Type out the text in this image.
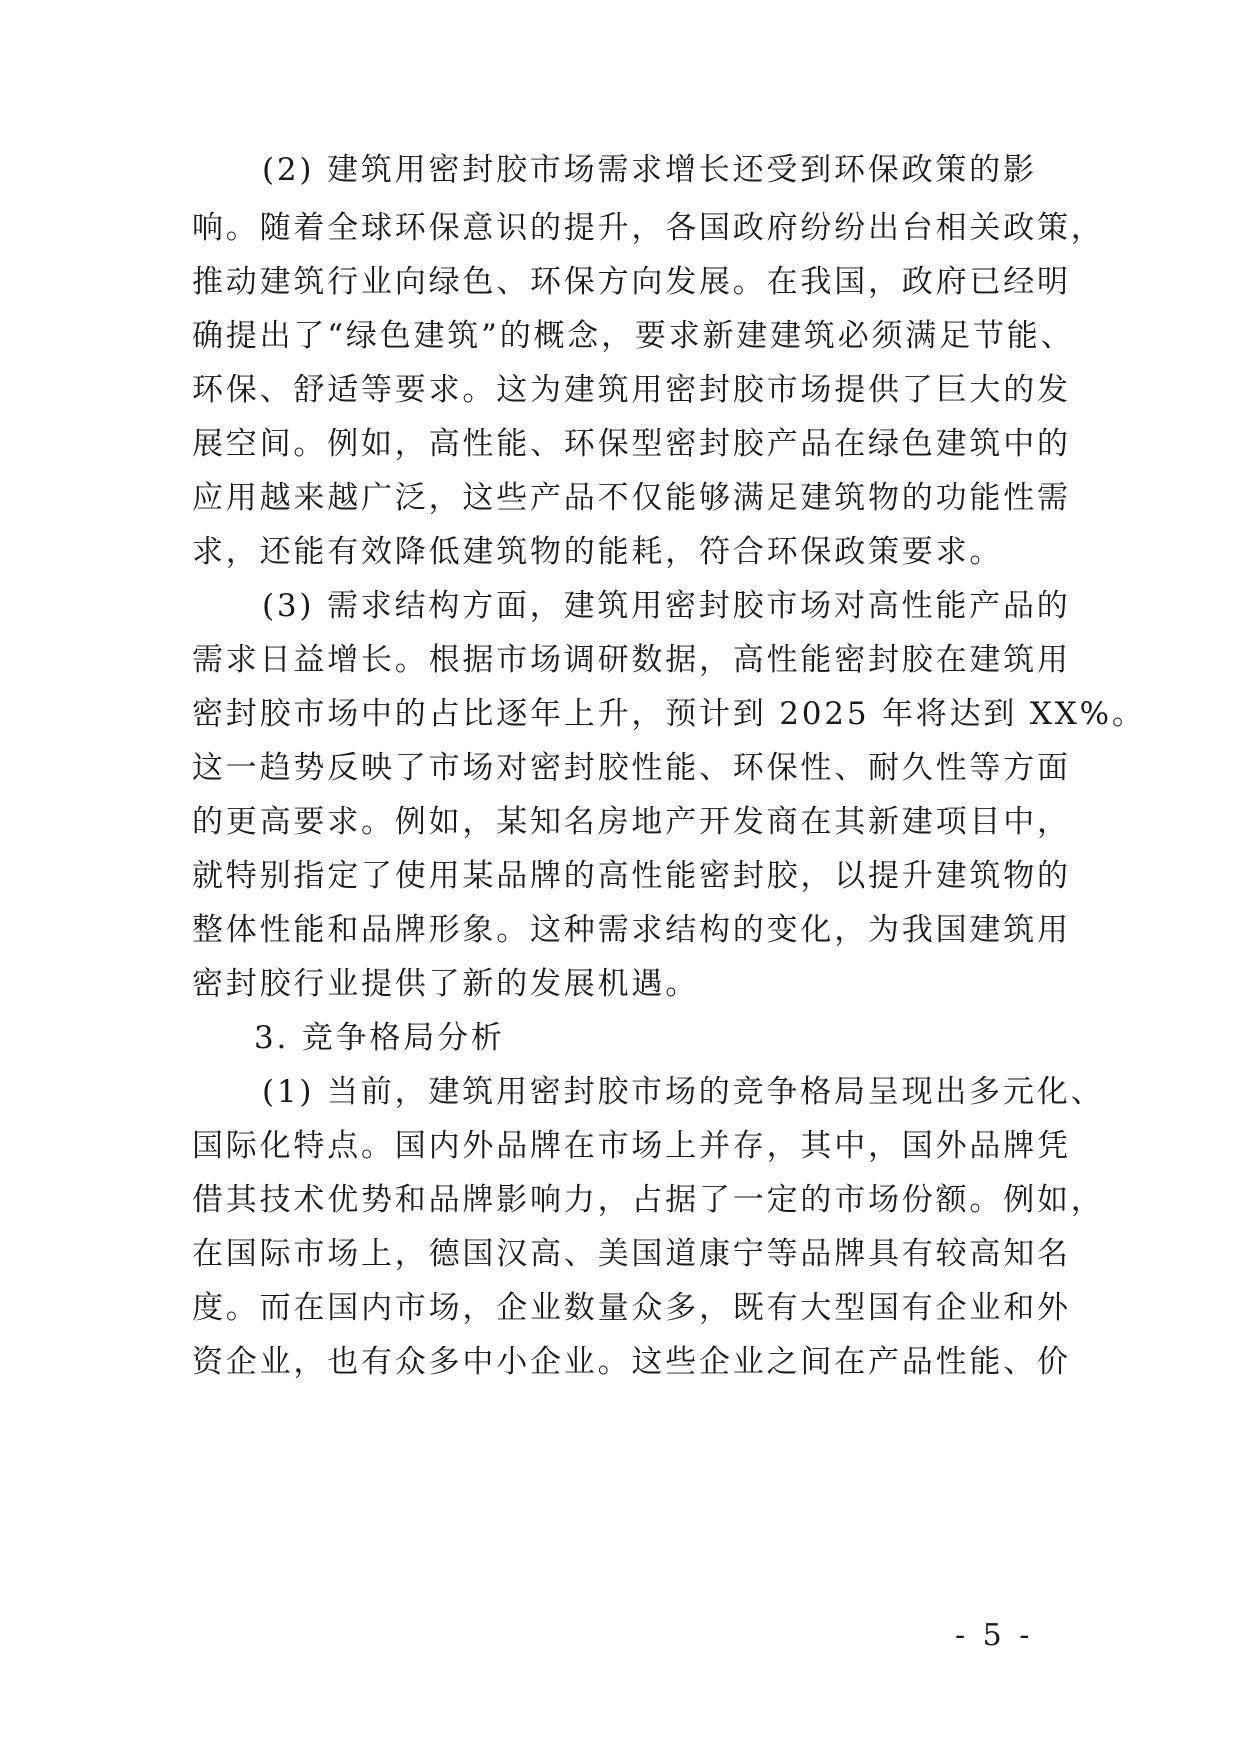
(2) 建筑用密封胶市场需求增长还受到环保政策的影
响。随着全球环保意识的提升，各国政府纷纷出台相关政策，
推动建筑行业向绿色、环保方向发展。在我国，政府已经明
确提出了“绿色建筑”的概念，要求新建建筑必须满足节能、
环保、舒适等要求。这为建筑用密封胶市场提供了巨大的发
展空间。例如，高性能、环保型密封胶产品在绿色建筑中的
应用越来越广泛，这些产品不仅能够满足建筑物的功能性需
求，还能有效降低建筑物的能耗，符合环保政策要求。
(3) 需求结构方面，建筑用密封胶市场对高性能产品的
需求日益增长。根据市场调研数据，高性能密封胶在建筑用
密封胶市场中的占比逐年上升，预计到 2025 年将达到 XX%。
这一趋势反映了市场对密封胶性能、环保性、耐久性等方面
的更高要求。例如，某知名房地产开发商在其新建项目中，
就特别指定了使用某品牌的高性能密封胶，以提升建筑物的
整体性能和品牌形象。这种需求结构的变化，为我国建筑用
密封胶行业提供了新的发展机遇。
3. 竞争格局分析
(1) 当前，建筑用密封胶市场的竞争格局呈现出多元化、
国际化特点。国内外品牌在市场上并存，其中，国外品牌凭
借其技术优势和品牌影响力，占据了一定的市场份额。例如，
在国际市场上，德国汉高、美国道康宁等品牌具有较高知名
度。而在国内市场，企业数量众多，既有大型国有企业和外
资企业，也有众多中小企业。这些企业之间在产品性能、价
- 5 -
